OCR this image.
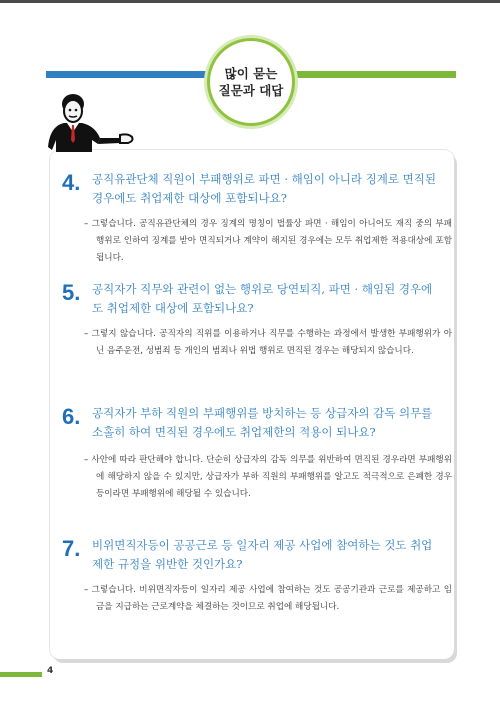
많이 묻는
질문과 대답
4. 공직유관단체 직원이 부패행위로 파면 · 해임이 아니라 징계로 면직된 경우에도 취업제한 대상에 포함되나요?
– 그렇습니다. 공직유관단체의 경우 징계의 명칭이 법률상 파면 · 해임이 아니어도 재직 중의 부패행위로 인하여 징계를 받아 면직되거나 계약이 해지된 경우에는 모두 취업제한 적용대상에 포함됩니다.
5. 공직자가 직무와 관련이 없는 행위로 당연퇴직, 파면 · 해임된 경우에도 취업제한 대상에 포함되나요?
– 그렇지 않습니다. 공직자의 직위를 이용하거나 직무를 수행하는 과정에서 발생한 부패행위가 아닌 음주운전, 성범죄 등 개인의 범죄나 위법 행위로 면직된 경우는 해당되지 않습니다.
6. 공직자가 부하 직원의 부패행위를 방치하는 등 상급자의 감독 의무를 소홀히 하여 면직된 경우에도 취업제한의 적용이 되나요?
– 사안에 따라 판단해야 합니다. 단순히 상급자의 감독 의무를 위반하여 면직된 경우라면 부패행위에 해당하지 않을 수 있지만, 상급자가 부하 직원의 부패행위를 알고도 적극적으로 은폐한 경우 등이라면 부패행위에 해당될 수 있습니다.
7. 비위면직자등이 공공근로 등 일자리 제공 사업에 참여하는 것도 취업제한 규정을 위반한 것인가요?
– 그렇습니다. 비위면직자등이 일자리 제공 사업에 참여하는 것도 공공기관과 근로를 제공하고 임금을 지급하는 근로계약을 체결하는 것이므로 취업에 해당됩니다.
4
